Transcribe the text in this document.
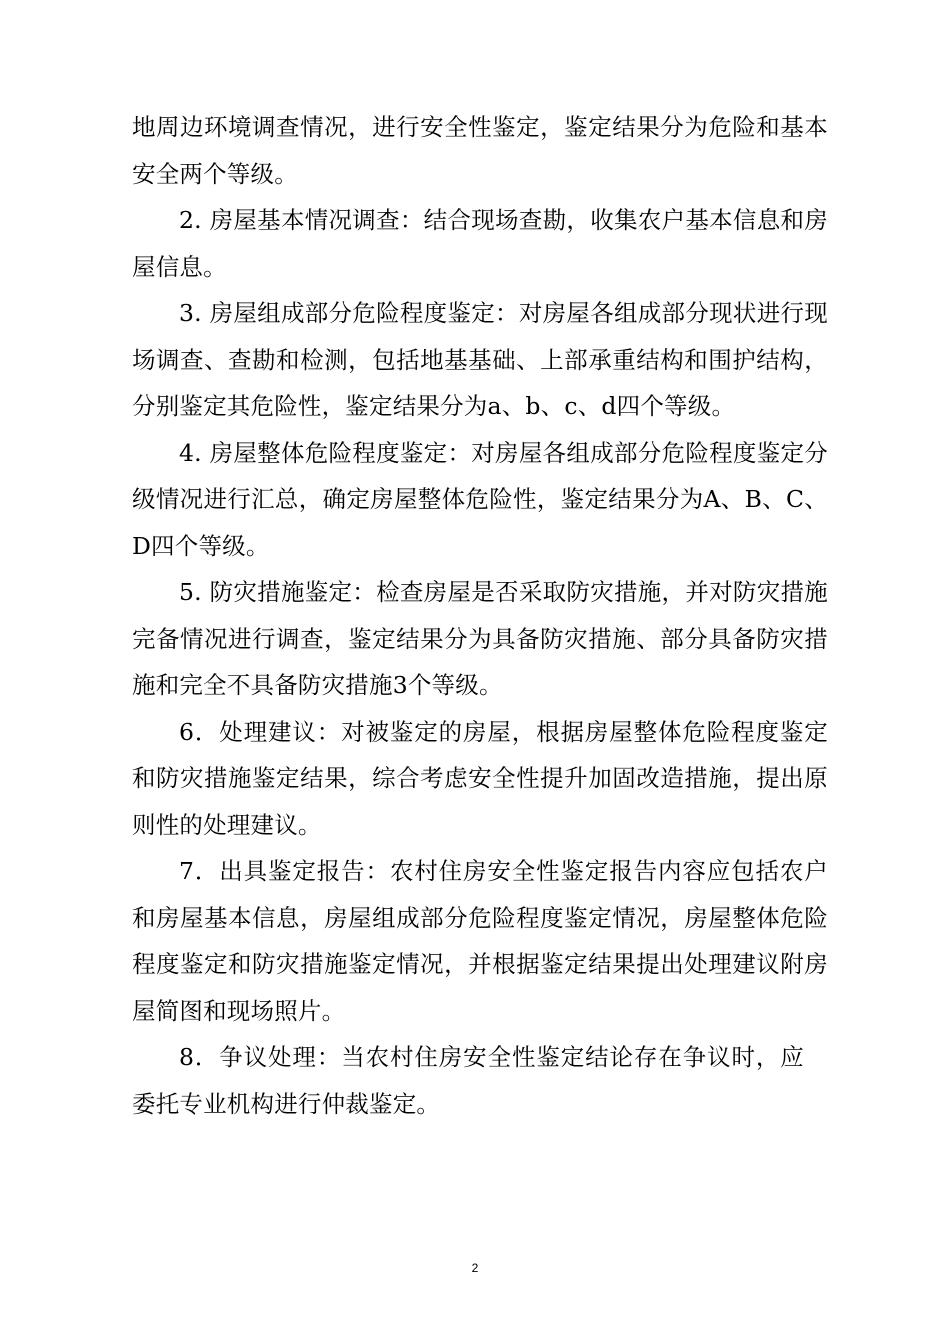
地周边环境调查情况，进行安全性鉴定，鉴定结果分为危险和基本安全两个等级。

2. 房屋基本情况调查：结合现场查勘，收集农户基本信息和房屋信息。

3. 房屋组成部分危险程度鉴定：对房屋各组成部分现状进行现场调查、查勘和检测，包括地基基础、上部承重结构和围护结构，分别鉴定其危险性，鉴定结果分为a、b、c、d四个等级。

4. 房屋整体危险程度鉴定：对房屋各组成部分危险程度鉴定分级情况进行汇总，确定房屋整体危险性，鉴定结果分为A、B、C、D四个等级。

5. 防灾措施鉴定：检查房屋是否采取防灾措施，并对防灾措施完备情况进行调查，鉴定结果分为具备防灾措施、部分具备防灾措施和完全不具备防灾措施3个等级。

6．处理建议：对被鉴定的房屋，根据房屋整体危险程度鉴定和防灾措施鉴定结果，综合考虑安全性提升加固改造措施，提出原则性的处理建议。

7．出具鉴定报告：农村住房安全性鉴定报告内容应包括农户和房屋基本信息，房屋组成部分危险程度鉴定情况，房屋整体危险程度鉴定和防灾措施鉴定情况，并根据鉴定结果提出处理建议附房屋简图和现场照片。

8．争议处理：当农村住房安全性鉴定结论存在争议时，应委托专业机构进行仲裁鉴定。

2
